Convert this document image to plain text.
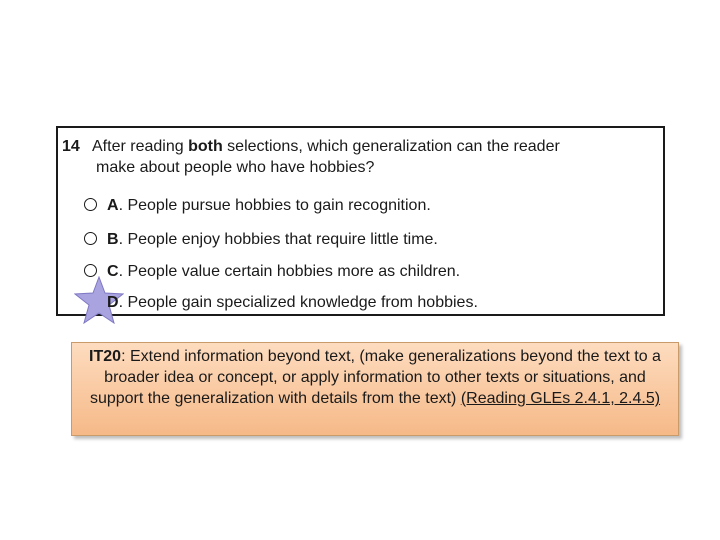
14 After reading both selections, which generalization can the reader
make about people who have hobbies?
A. People pursue hobbies to gain recognition.
B. People enjoy hobbies that require little time.
C. People value certain hobbies more as children.
D. People gain specialized knowledge from hobbies.
IT20: Extend information beyond text, (make generalizations beyond the text to a broader idea or concept, or apply information to other texts or situations, and support the generalization with details from the text) (Reading GLEs 2.4.1, 2.4.5)
